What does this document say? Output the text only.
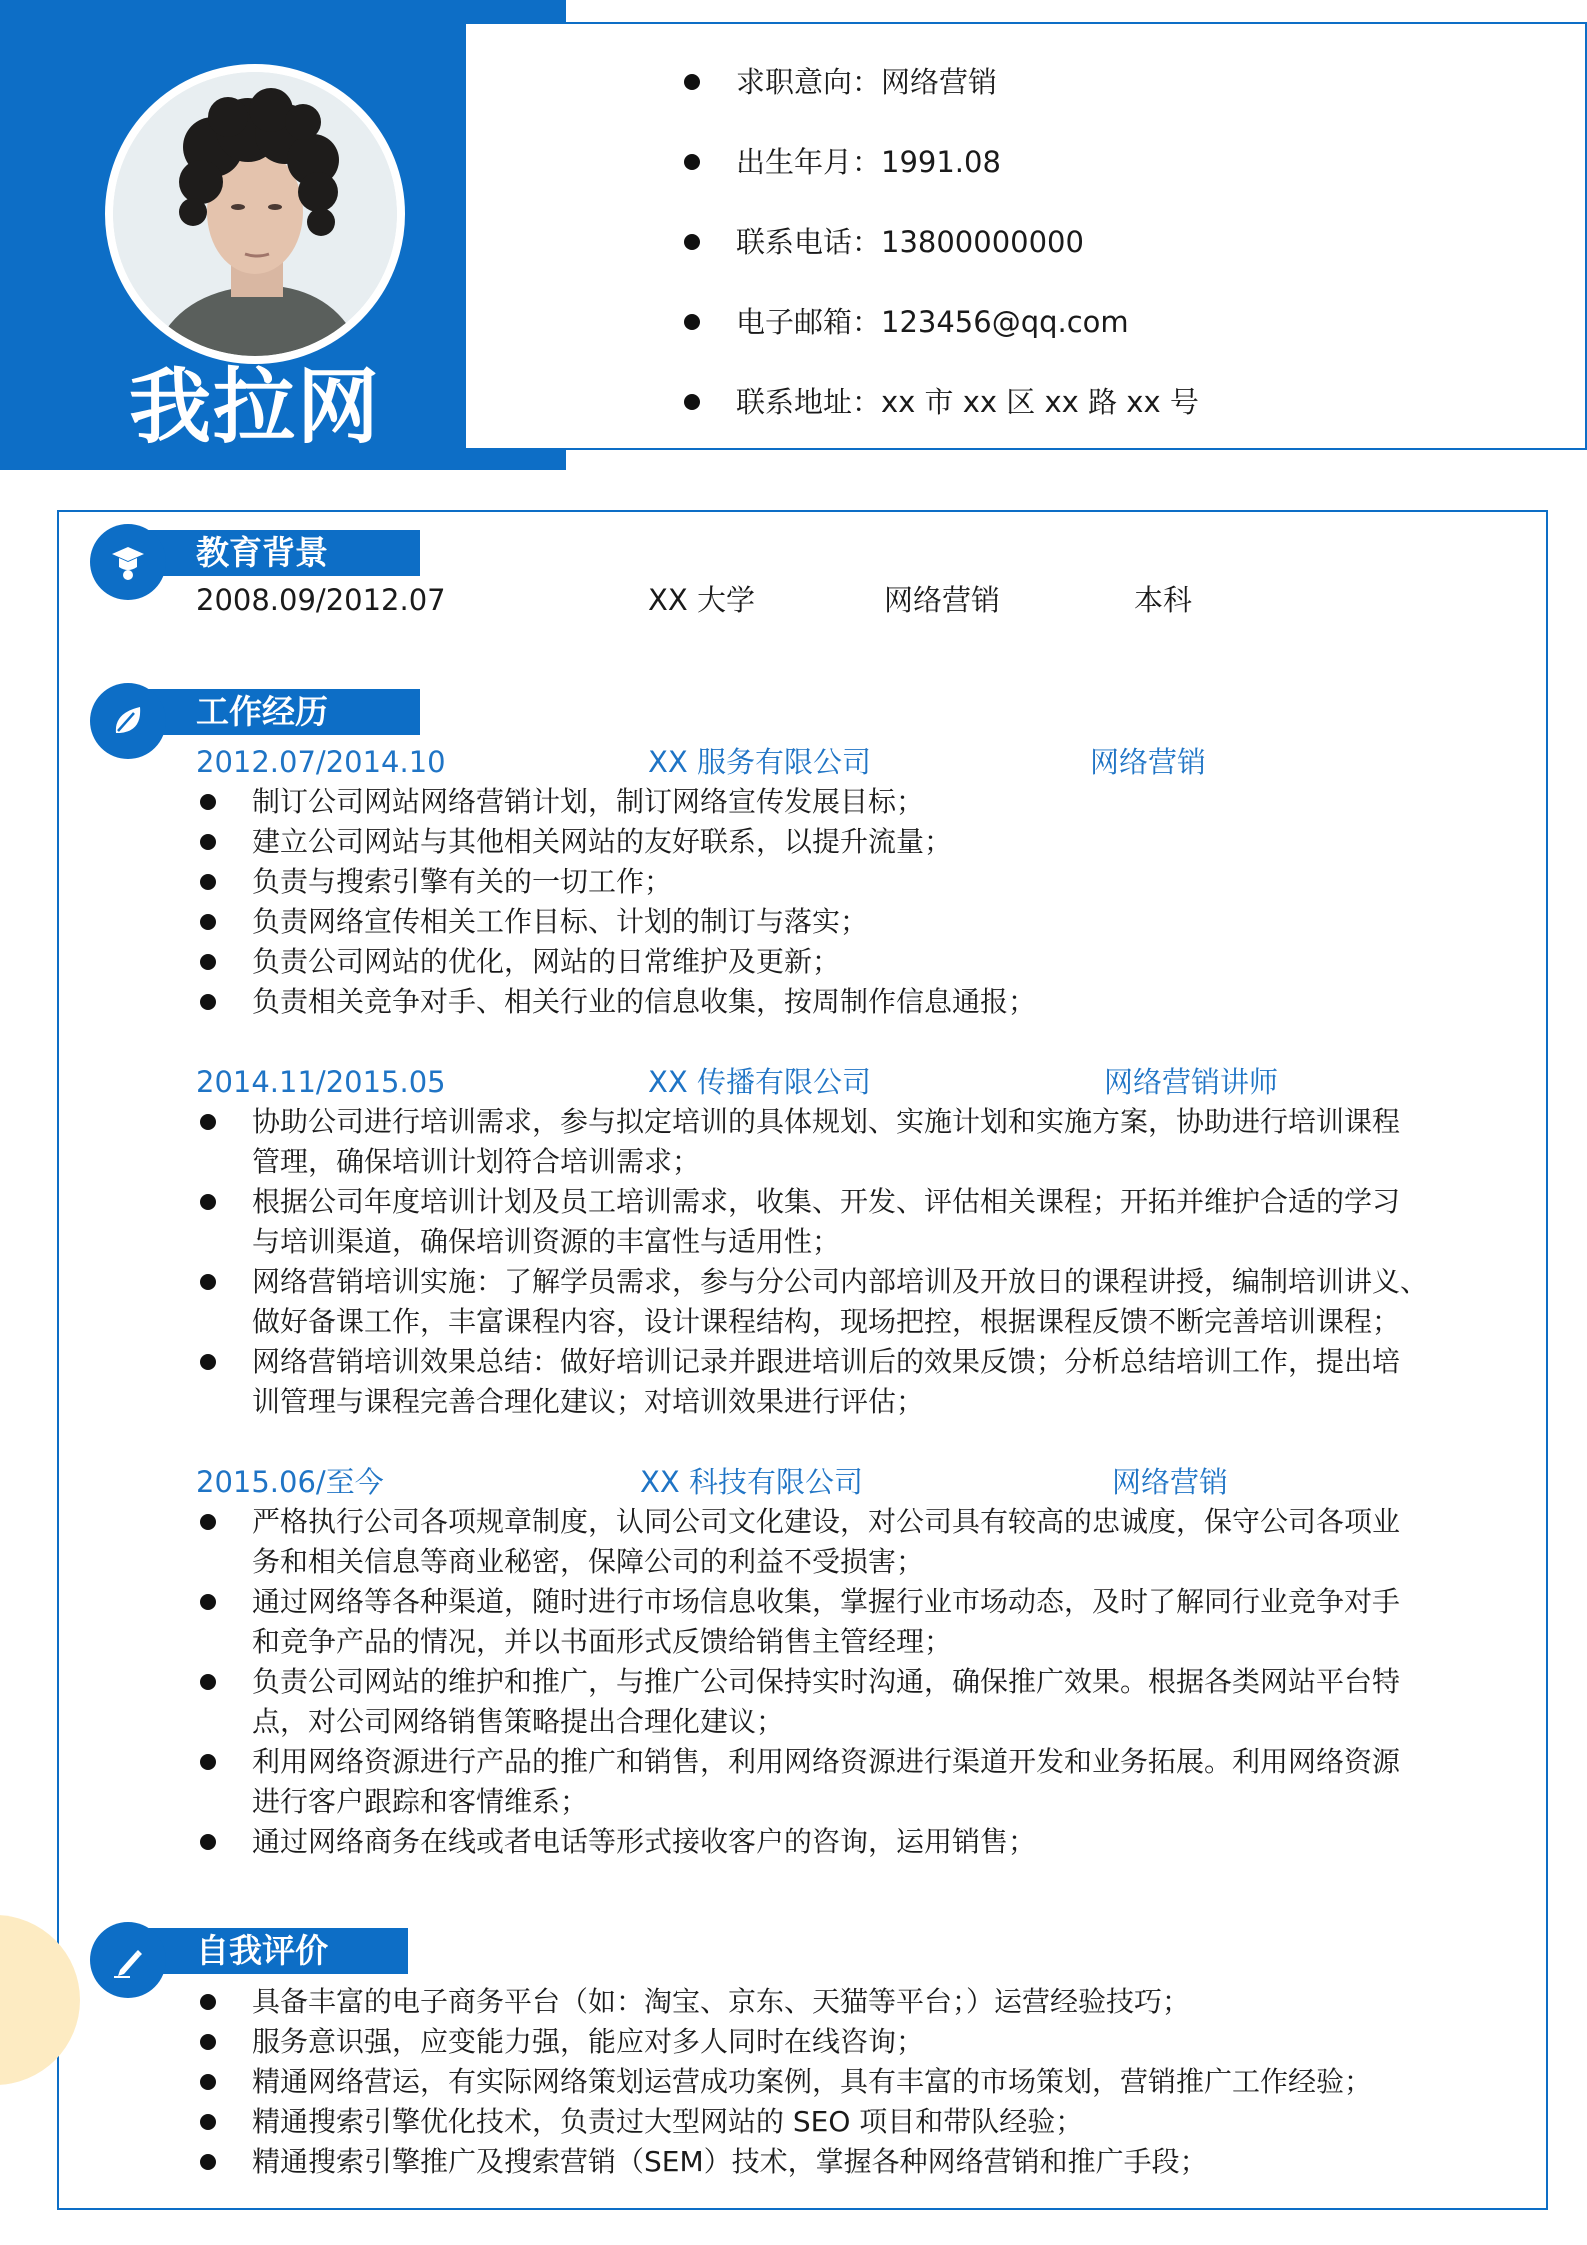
求职意向：网络营销
出生年月：1991.08
联系电话：13800000000
电子邮箱：123456@qq.com
联系地址：xx 市 xx 区 xx 路 xx 号
我拉网
教育背景
2008.09/2012.07	XX 大学	网络营销	本科
工作经历
2012.07/2014.10	XX 服务有限公司	网络营销
制订公司网站网络营销计划，制订网络宣传发展目标；
建立公司网站与其他相关网站的友好联系，以提升流量；
负责与搜索引擎有关的一切工作；
负责网络宣传相关工作目标、计划的制订与落实；
负责公司网站的优化，网站的日常维护及更新；
负责相关竞争对手、相关行业的信息收集，按周制作信息通报；
2014.11/2015.05	XX 传播有限公司	网络营销讲师
协助公司进行培训需求，参与拟定培训的具体规划、实施计划和实施方案，协助进行培训课程
管理，确保培训计划符合培训需求；
根据公司年度培训计划及员工培训需求，收集、开发、评估相关课程；开拓并维护合适的学习
与培训渠道，确保培训资源的丰富性与适用性；
网络营销培训实施：了解学员需求，参与分公司内部培训及开放日的课程讲授，编制培训讲义、
做好备课工作，丰富课程内容，设计课程结构，现场把控，根据课程反馈不断完善培训课程；
网络营销培训效果总结：做好培训记录并跟进培训后的效果反馈；分析总结培训工作，提出培
训管理与课程完善合理化建议；对培训效果进行评估；
2015.06/至今	XX 科技有限公司	网络营销
严格执行公司各项规章制度，认同公司文化建设，对公司具有较高的忠诚度，保守公司各项业
务和相关信息等商业秘密，保障公司的利益不受损害；
通过网络等各种渠道，随时进行市场信息收集，掌握行业市场动态，及时了解同行业竞争对手
和竞争产品的情况，并以书面形式反馈给销售主管经理；
负责公司网站的维护和推广，与推广公司保持实时沟通，确保推广效果。根据各类网站平台特
点，对公司网络销售策略提出合理化建议；
利用网络资源进行产品的推广和销售，利用网络资源进行渠道开发和业务拓展。利用网络资源
进行客户跟踪和客情维系；
通过网络商务在线或者电话等形式接收客户的咨询，运用销售；
自我评价
具备丰富的电子商务平台（如：淘宝、京东、天猫等平台；）运营经验技巧；
服务意识强，应变能力强，能应对多人同时在线咨询；
精通网络营运，有实际网络策划运营成功案例，具有丰富的市场策划，营销推广工作经验；
精通搜索引擎优化技术，负责过大型网站的 SEO 项目和带队经验；
精通搜索引擎推广及搜索营销（SEM）技术，掌握各种网络营销和推广手段；
